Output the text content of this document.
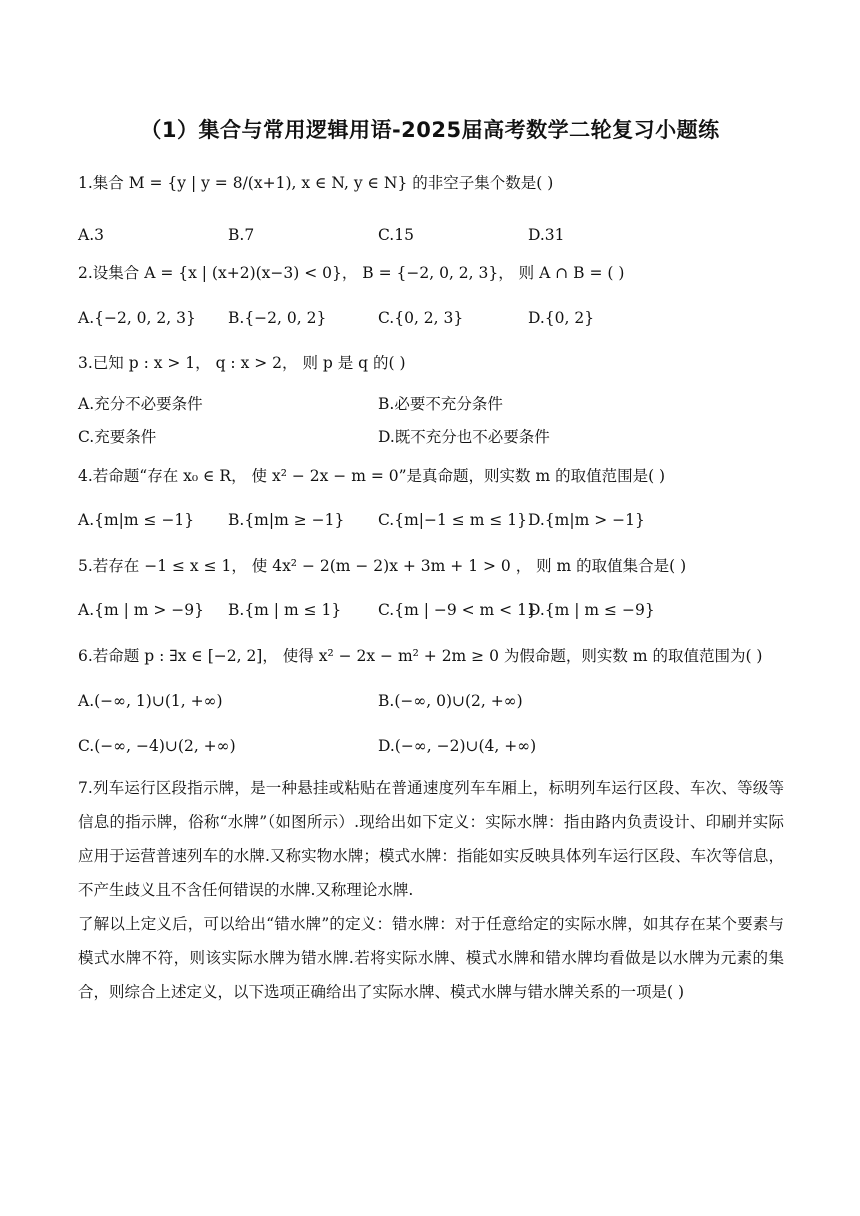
（1）集合与常用逻辑用语-2025届高考数学二轮复习小题练
1.集合 M = {y | y = 8/(x+1), x ∈ N, y ∈ N} 的非空子集个数是( )
A.3	B.7	C.15	D.31
2.设集合 A = {x | (x+2)(x−3) < 0}， B = {−2, 0, 2, 3}， 则 A ∩ B = ( )
A.{−2, 0, 2, 3} B.{−2, 0, 2}	C.{0, 2, 3}	D.{0, 2}
3.已知 p : x > 1， q : x > 2， 则 p 是 q 的( )
A.充分不必要条件	B.必要不充分条件
C.充要条件	D.既不充分也不必要条件
4.若命题“存在 x₀ ∈ R， 使 x² − 2x − m = 0”是真命题，则实数 m 的取值范围是( )
A.{m|m ≤ −1} B.{m|m ≥ −1} C.{m|−1 ≤ m ≤ 1} D.{m|m > −1}
5.若存在 −1 ≤ x ≤ 1， 使 4x² − 2(m − 2)x + 3m + 1 > 0 ， 则 m 的取值集合是( )
A.{m | m > −9} B.{m | m ≤ 1} C.{m | −9 < m < 1}
D.{m | m ≤ −9}
6.若命题 p : ∃x ∈ [−2, 2]， 使得 x² − 2x − m² + 2m ≥ 0 为假命题，则实数 m 的取值范围为( )
A.(−∞, 1)∪(1, +∞)	B.(−∞, 0)∪(2, +∞)
C.(−∞, −4)∪(2, +∞)	D.(−∞, −2)∪(4, +∞)

7.列车运行区段指示牌，是一种悬挂或粘贴在普通速度列车车厢上，标明列车运行区段、车次、等级等信息的指示牌，俗称“水牌”（如图所示）.现给出如下定义：实际水牌：指由路内负责设计、印刷并实际应用于运营普速列车的水牌.又称实物水牌；模式水牌：指能如实反映具体列车运行区段、车次等信息，不产生歧义且不含任何错误的水牌.又称理论水牌.

了解以上定义后，可以给出“错水牌”的定义：错水牌：对于任意给定的实际水牌，如其存在某个要素与模式水牌不符，则该实际水牌为错水牌.若将实际水牌、模式水牌和错水牌均看做是以水牌为元素的集合，则综合上述定义，以下选项正确给出了实际水牌、模式水牌与错水牌关系的一项是( )
